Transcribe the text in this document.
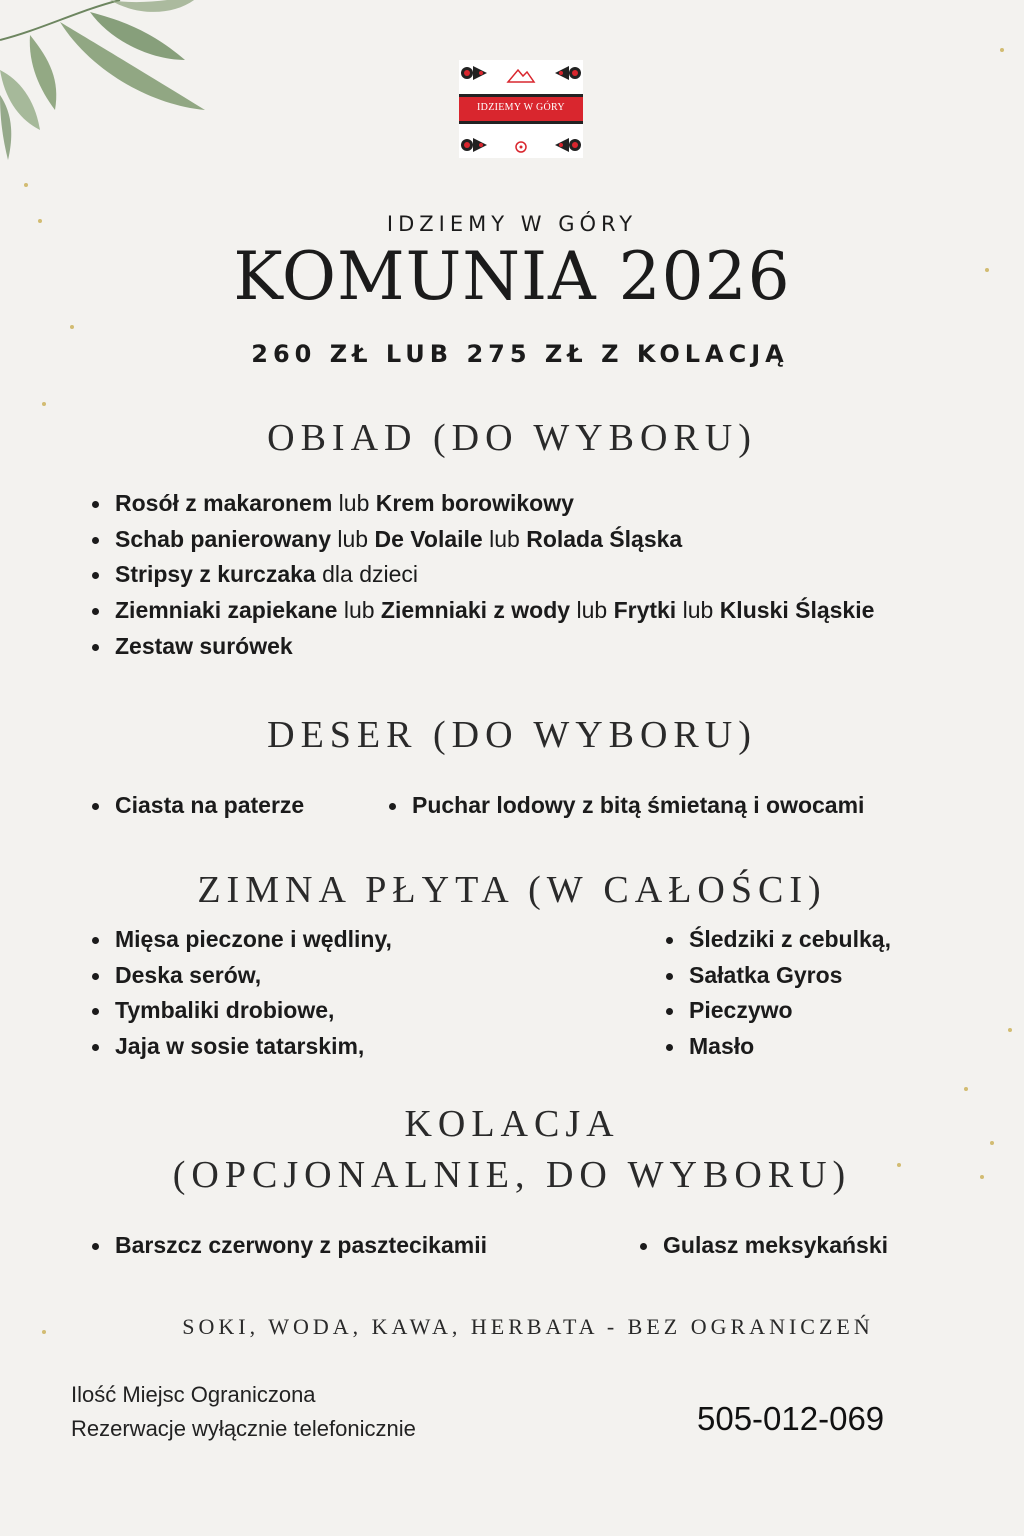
IDZIEMY W GÓRY
IDZIEMY W GÓRY
KOMUNIA 2026
260 ZŁ LUB 275 ZŁ Z KOLACJĄ
OBIAD (DO WYBORU)
Rosół z makaronem lub Krem borowikowy
Schab panierowany lub De Volaile lub Rolada Śląska
Stripsy z kurczaka dla dzieci
Ziemniaki zapiekane lub Ziemniaki z wody lub Frytki lub Kluski Śląskie
Zestaw surówek
DESER (DO WYBORU)
Ciasta na paterze	Puchar lodowy z bitą śmietaną i owocami
ZIMNA PŁYTA (W CAŁOŚCI)
Mięsa pieczone i wędliny,
Deska serów,
Tymbaliki drobiowe,
Jaja w sosie tatarskim,
Śledziki z cebulką,
Sałatka Gyros
Pieczywo
Masło
KOLACJA
(OPCJONALNIE, DO WYBORU)
Barszcz czerwony z pasztecikamii	Gulasz meksykański
SOKI, WODA, KAWA, HERBATA - BEZ OGRANICZEŃ
Ilość Miejsc Ograniczona
Rezerwacje wyłącznie telefonicznie	505-012-069
